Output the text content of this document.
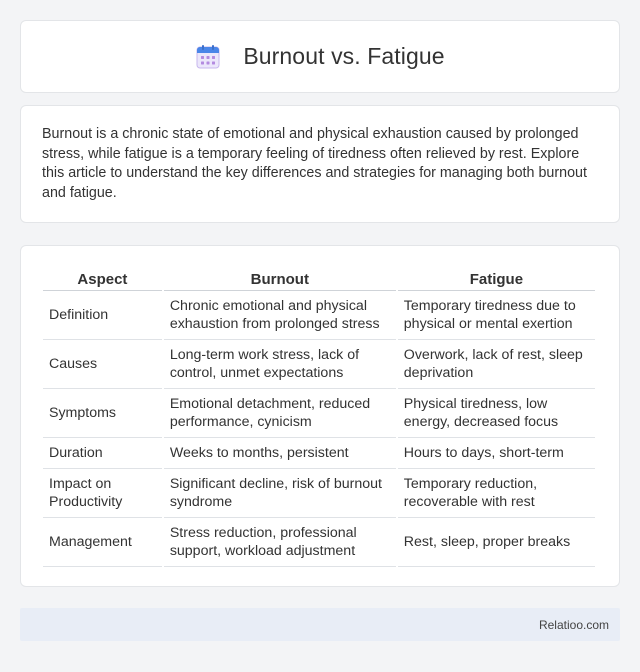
Burnout vs. Fatigue

Burnout is a chronic state of emotional and physical exhaustion caused by prolonged stress, while fatigue is a temporary feeling of tiredness often relieved by rest. Explore this article to understand the key differences and strategies for managing both burnout and fatigue.

Aspect	Burnout	Fatigue
Definition	Chronic emotional and physical exhaustion from prolonged stress	Temporary tiredness due to physical or mental exertion
Causes	Long-term work stress, lack of control, unmet expectations	Overwork, lack of rest, sleep deprivation
Symptoms	Emotional detachment, reduced performance, cynicism	Physical tiredness, low energy, decreased focus
Duration	Weeks to months, persistent	Hours to days, short-term
Impact on Productivity	Significant decline, risk of burnout syndrome	Temporary reduction, recoverable with rest
Management	Stress reduction, professional support, workload adjustment	Rest, sleep, proper breaks
Relatioo.com
